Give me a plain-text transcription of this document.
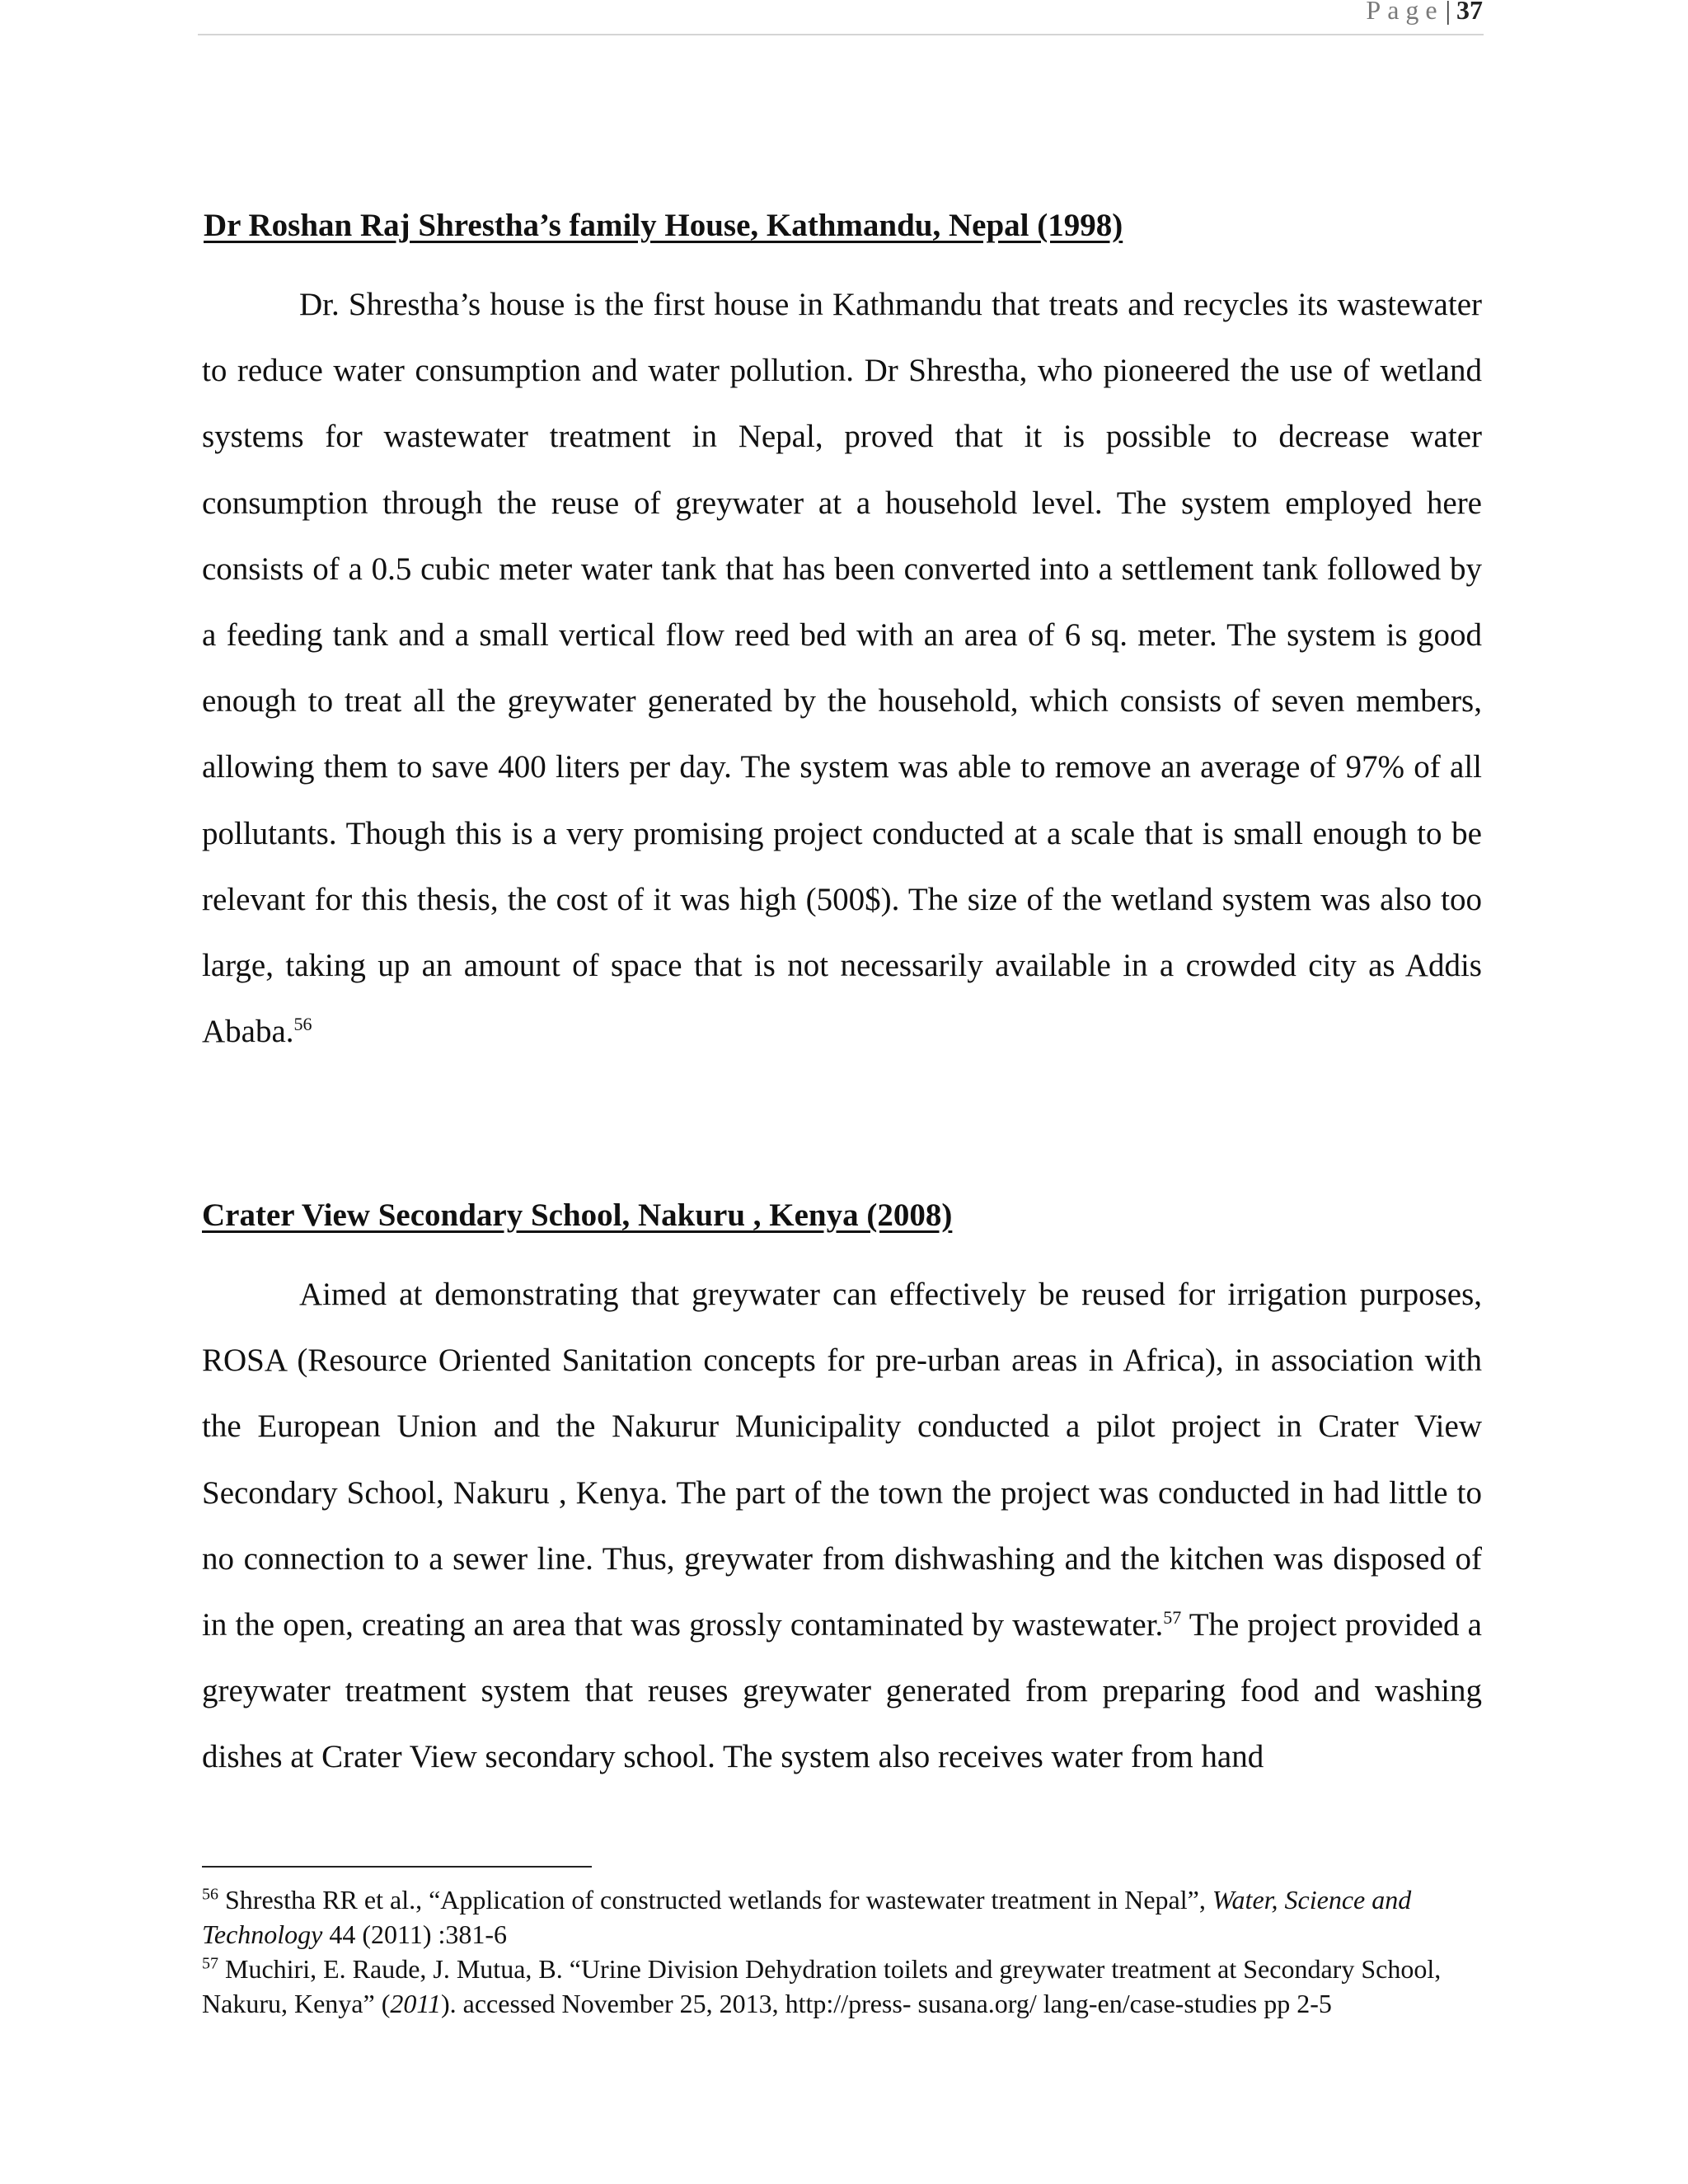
Page| 37
Dr Roshan Raj Shrestha’s family House, Kathmandu, Nepal (1998)

Dr. Shrestha’s house is the first house in Kathmandu that treats and recycles its wastewater to reduce water consumption and water pollution. Dr Shrestha, who pioneered the use of wetland systems for wastewater treatment in Nepal, proved that it is possible to decrease water consumption through the reuse of greywater at a household level. The system employed here consists of a 0.5 cubic meter water tank that has been converted into a settlement tank followed by a feeding tank and a small vertical flow reed bed with an area of 6 sq. meter. The system is good enough to treat all the greywater generated by the household, which consists of seven members, allowing them to save 400 liters per day. The system was able to remove an average of 97% of all pollutants. Though this is a very promising project conducted at a scale that is small enough to be relevant for this thesis, the cost of it was high (500$). The size of the wetland system was also too large, taking up an amount of space that is not necessarily available in a crowded city as Addis Ababa.$^{56}$

Crater View Secondary School, Nakuru , Kenya (2008)

Aimed at demonstrating that greywater can effectively be reused for irrigation purposes, ROSA (Resource Oriented Sanitation concepts for pre-urban areas in Africa), in association with the European Union and the Nakurur Municipality conducted a pilot project in Crater View Secondary School, Nakuru , Kenya. The part of the town the project was conducted in had little to no connection to a sewer line. Thus, greywater from dishwashing and the kitchen was disposed of in the open, creating an area that was grossly contaminated by wastewater.$^{57}$ The project provided a greywater treatment system that reuses greywater generated from preparing food and washing dishes at Crater View secondary school. The system also receives water from hand

$^{56}$ Shrestha RR et al., “Application of constructed wetlands for wastewater treatment in Nepal”, Water, Science and Technology 44 (2011) :381-6

$^{57}$ Muchiri, E. Raude, J. Mutua, B. “Urine Division Dehydration toilets and greywater treatment at Secondary School, Nakuru, Kenya” (2011). accessed November 25, 2013, http://press- susana.org/ lang-en/case-studies pp 2-5
